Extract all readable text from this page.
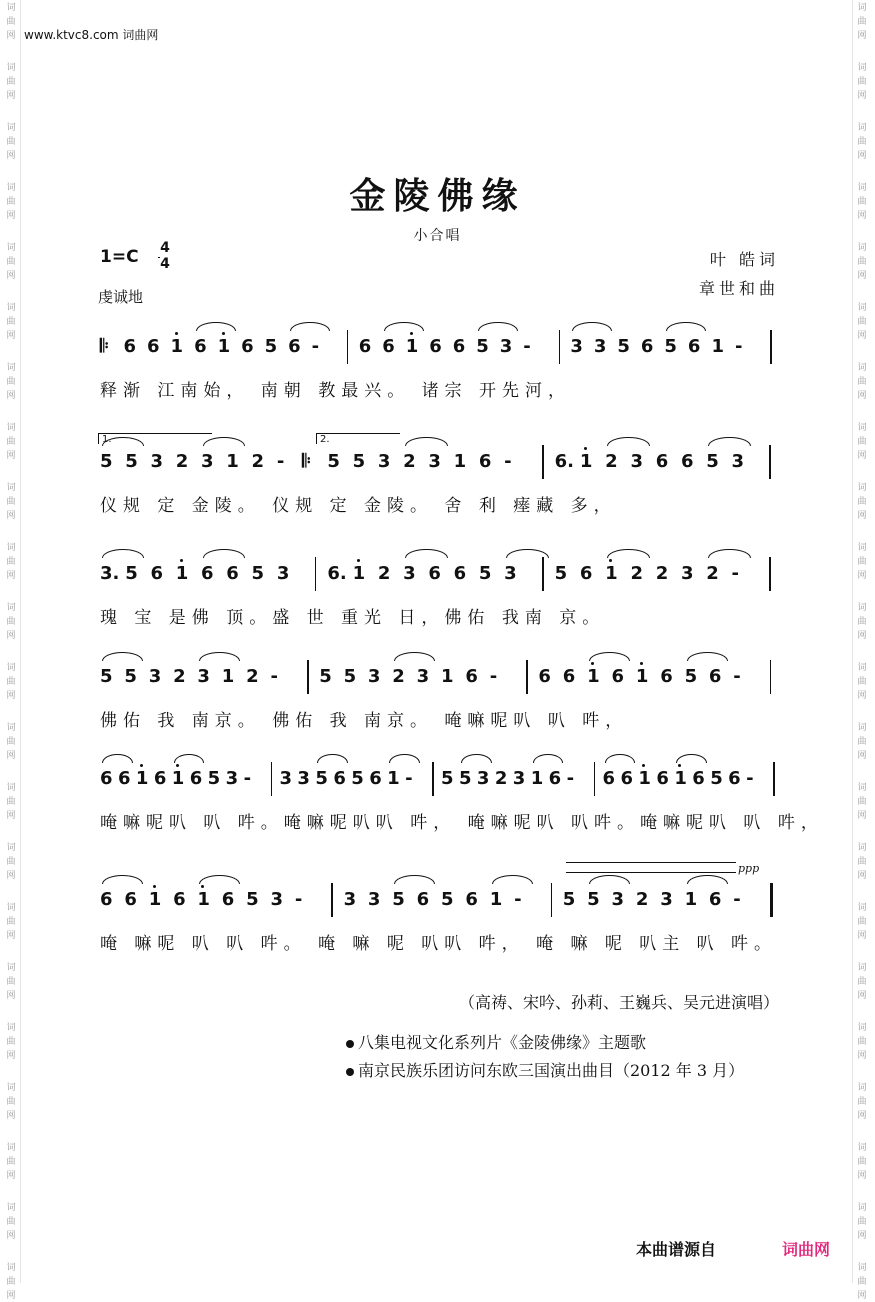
词
曲
网
词
曲
网
词
曲
网
词
曲
网
词
曲
网
词
曲
网
词
曲
网
词
曲
网
词
曲
网
词
曲
网
词
曲
网
词
曲
网
词
曲
网
词
曲
网
词
曲
网
词
曲
网
词
曲
网
词
曲
网
词
曲
网
词
曲
网
词
曲
网
词
曲
网
词
曲
网
词
曲
网
词
曲
网
词
曲
网
词
曲
网
词
曲
网
词
曲
网
词
曲
网
词
曲
网
词
曲
网
词
曲
网
词
曲
网
词
曲
网
词
曲
网
词
曲
网
词
曲
网
词
曲
网
词
曲
网
词
曲
网
词
曲
网
词
曲
网
词
曲
网
www.ktvc8.com 词曲网
金陵佛缘
小合唱
1=C 4
4
虔诚地
叶 皓词
章世和曲
𝄆 6 6 1 6 1 6 5 6 - 6 6 1 6 6 5 3 - 3 3 5 6 5 6 1 -
释渐 江南始， 南朝 教最兴。 诸宗 开先河，
5 5 3 2 3 1 2 - 𝄆 5 5 3 2 3 1 6 - 6. 1 2 3 6 6 5 3
仪规 定 金陵。 仪规 定 金陵。 舍 利 瘗藏 多，
3. 5 6 1 6 6 5 3 6. 1 2 3 6 6 5 3 5 6 1 2 2 3 2 -
瑰 宝 是佛 顶。盛 世 重光 日，佛佑 我南 京。
5 5 3 2 3 1 2 - 5 5 3 2 3 1 6 - 6 6 1 6 1 6 5 6 -
佛佑 我 南京。 佛佑 我 南京。 唵嘛呢叭 叭 吽，
6 6 1 6 1 6 5 3 - 3 3 5 6 5 6 1 - 5 5 3 2 3 1 6 - 6 6 1 6 1 6 5 6 -
唵嘛呢叭 叭 吽。唵嘛呢叭叭 吽， 唵嘛呢叭 叭吽。唵嘛呢叭 叭 吽，
6 6 1 6 1 6 5 3 - 3 3 5 6 5 6 1 - 5 5 3 2 3 1 6 -
唵 嘛呢 叭 叭 吽。 唵 嘛 呢 叭叭 吽， 唵 嘛 呢 叭主 叭 吽。
ppp
1.	2.
（高祷、宋吟、孙莉、王巍兵、吴元进演唱）
八集电视文化系列片《金陵佛缘》主题歌
南京民族乐团访问东欧三国演出曲目（2012 年 3 月）
本曲谱源自	词曲网
